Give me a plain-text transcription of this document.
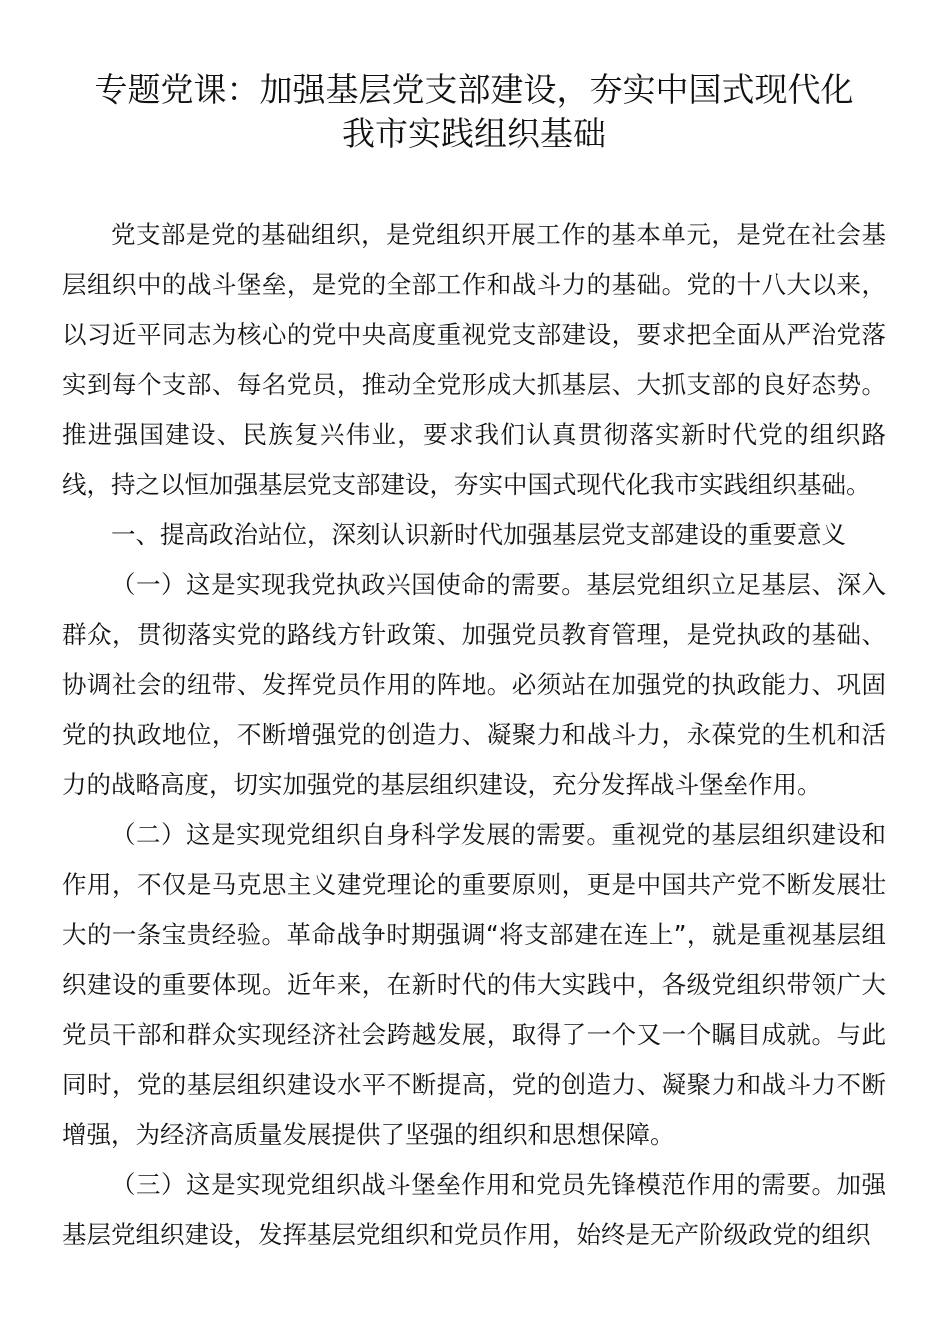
专题党课：加强基层党支部建设，夯实中国式现代化
我市实践组织基础

党支部是党的基础组织，是党组织开展工作的基本单元，是党在社会基层组织中的战斗堡垒，是党的全部工作和战斗力的基础。党的十八大以来，以习近平同志为核心的党中央高度重视党支部建设，要求把全面从严治党落实到每个支部、每名党员，推动全党形成大抓基层、大抓支部的良好态势。推进强国建设、民族复兴伟业，要求我们认真贯彻落实新时代党的组织路线，持之以恒加强基层党支部建设，夯实中国式现代化我市实践组织基础。

一、提高政治站位，深刻认识新时代加强基层党支部建设的重要意义

（一）这是实现我党执政兴国使命的需要。基层党组织立足基层、深入群众，贯彻落实党的路线方针政策、加强党员教育管理，是党执政的基础、协调社会的纽带、发挥党员作用的阵地。必须站在加强党的执政能力、巩固党的执政地位，不断增强党的创造力、凝聚力和战斗力，永葆党的生机和活力的战略高度，切实加强党的基层组织建设，充分发挥战斗堡垒作用。

（二）这是实现党组织自身科学发展的需要。重视党的基层组织建设和作用，不仅是马克思主义建党理论的重要原则，更是中国共产党不断发展壮大的一条宝贵经验。革命战争时期强调“将支部建在连上”，就是重视基层组织建设的重要体现。近年来，在新时代的伟大实践中，各级党组织带领广大党员干部和群众实现经济社会跨越发展，取得了一个又一个瞩目成就。与此同时，党的基层组织建设水平不断提高，党的创造力、凝聚力和战斗力不断增强，为经济高质量发展提供了坚强的组织和思想保障。

（三）这是实现党组织战斗堡垒作用和党员先锋模范作用的需要。加强基层党组织建设，发挥基层党组织和党员作用，始终是无产阶级政党的组织
